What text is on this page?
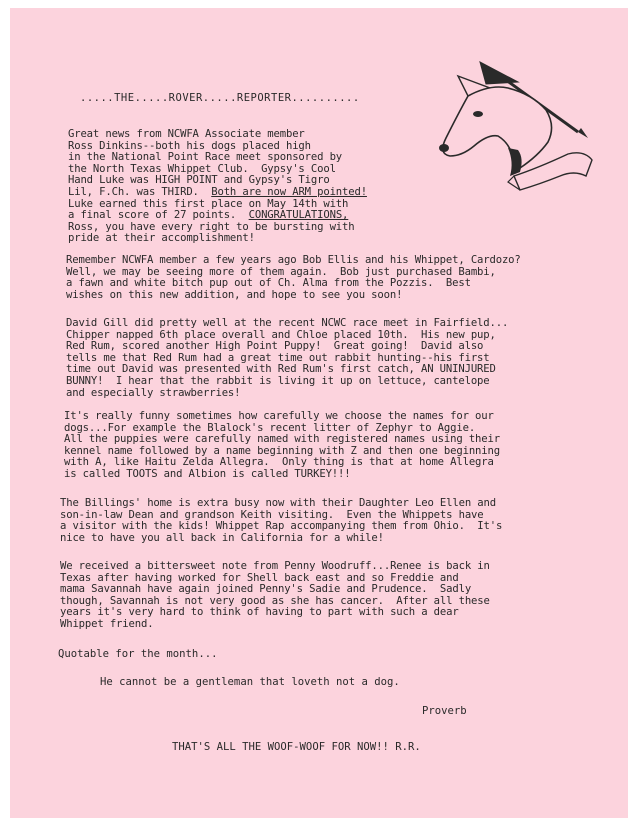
.....THE.....ROVER.....REPORTER..........

Great news from NCWFA Associate member
Ross Dinkins--both his dogs placed high
in the National Point Race meet sponsored by
the North Texas Whippet Club.  Gypsy's Cool
Hand Luke was HIGH POINT and Gypsy's Tigro
Lil, F.Ch. was THIRD.  Both are now ARM pointed!
Luke earned this first place on May 14th with
a final score of 27 points.  CONGRATULATIONS,
Ross, you have every right to be bursting with
pride at their accomplishment!

Remember NCWFA member a few years ago Bob Ellis and his Whippet, Cardozo?
Well, we may be seeing more of them again.  Bob just purchased Bambi,
a fawn and white bitch pup out of Ch. Alma from the Pozzis.  Best
wishes on this new addition, and hope to see you soon!

David Gill did pretty well at the recent NCWC race meet in Fairfield...
Chipper napped 6th place overall and Chloe placed 10th.  His new pup,
Red Rum, scored another High Point Puppy!  Great going!  David also
tells me that Red Rum had a great time out rabbit hunting--his first
time out David was presented with Red Rum's first catch, AN UNINJURED
BUNNY!  I hear that the rabbit is living it up on lettuce, cantelope
and especially strawberries!

It's really funny sometimes how carefully we choose the names for our
dogs...For example the Blalock's recent litter of Zephyr to Aggie.
All the puppies were carefully named with registered names using their
kennel name followed by a name beginning with Z and then one beginning
with A, like Haitu Zelda Allegra.  Only thing is that at home Allegra
is called TOOTS and Albion is called TURKEY!!!

The Billings' home is extra busy now with their Daughter Leo Ellen and
son-in-law Dean and grandson Keith visiting.  Even the Whippets have
a visitor with the kids! Whippet Rap accompanying them from Ohio.  It's
nice to have you all back in California for a while!

We received a bittersweet note from Penny Woodruff...Renee is back in
Texas after having worked for Shell back east and so Freddie and
mama Savannah have again joined Penny's Sadie and Prudence.  Sadly
though, Savannah is not very good as she has cancer.  After all these
years it's very hard to think of having to part with such a dear
Whippet friend.

Quotable for the month...
He cannot be a gentleman that loveth not a dog.
Proverb
THAT'S ALL THE WOOF-WOOF FOR NOW!! R.R.
